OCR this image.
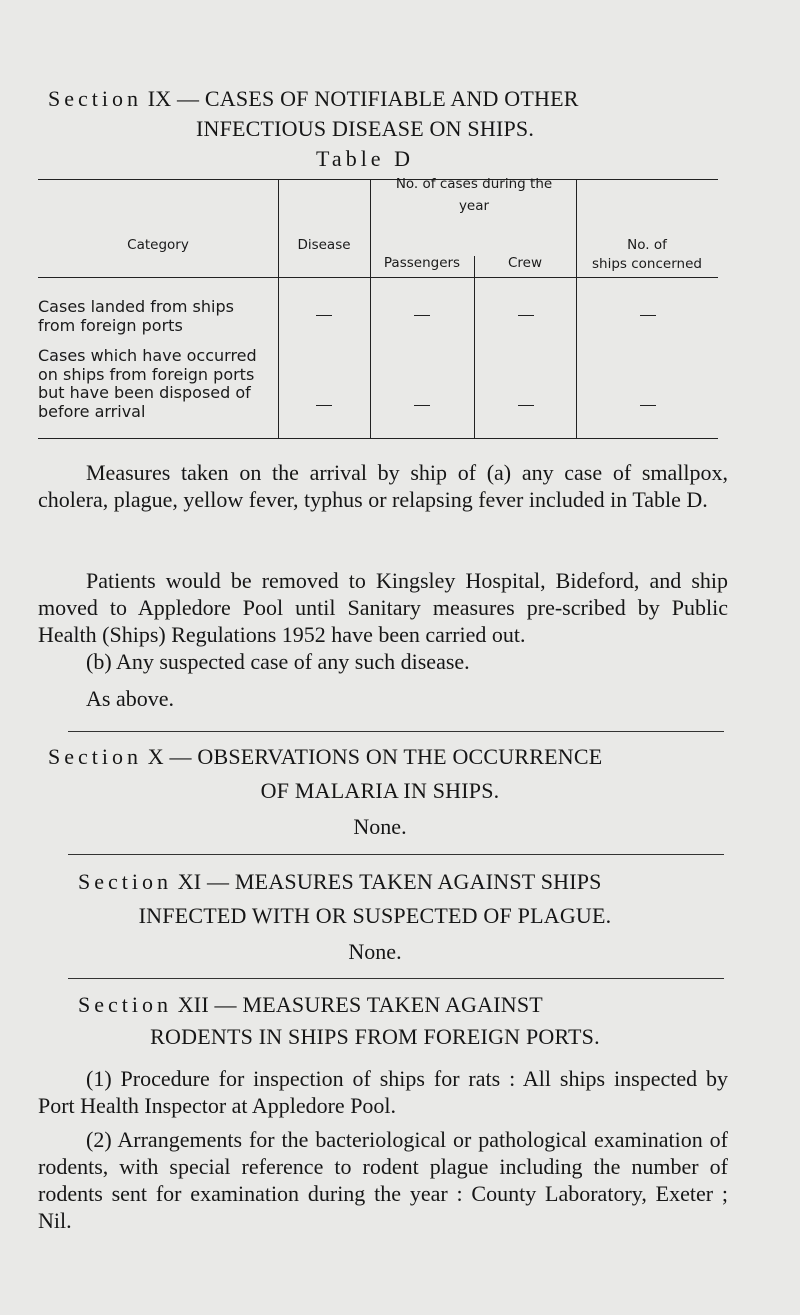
Section IX — CASES OF NOTIFIABLE AND OTHER
INFECTIOUS DISEASE ON SHIPS.
Table D
Category	Disease
No. of cases during the year
Passengers	Crew
No. of
ships concerned
Cases landed from ships from foreign ports
Cases which have occurred on ships from foreign ports but have been disposed of before arrival
Measures taken on the arrival by ship of (a) any case of smallpox, cholera, plague, yellow fever, typhus or relapsing fever included in Table D.
Patients would be removed to Kingsley Hospital, Bideford, and ship moved to Appledore Pool until Sanitary measures pre-scribed by Public Health (Ships) Regulations 1952 have been carried out.
(b) Any suspected case of any such disease.
As above.
Section X — OBSERVATIONS ON THE OCCURRENCE
OF MALARIA IN SHIPS.
None.
Section XI — MEASURES TAKEN AGAINST SHIPS
INFECTED WITH OR SUSPECTED OF PLAGUE.
None.
Section XII — MEASURES TAKEN AGAINST
RODENTS IN SHIPS FROM FOREIGN PORTS.
(1) Procedure for inspection of ships for rats : All ships inspected by Port Health Inspector at Appledore Pool.
(2) Arrangements for the bacteriological or pathological examination of rodents, with special reference to rodent plague including the number of rodents sent for examination during the year : County Laboratory, Exeter ; Nil.
